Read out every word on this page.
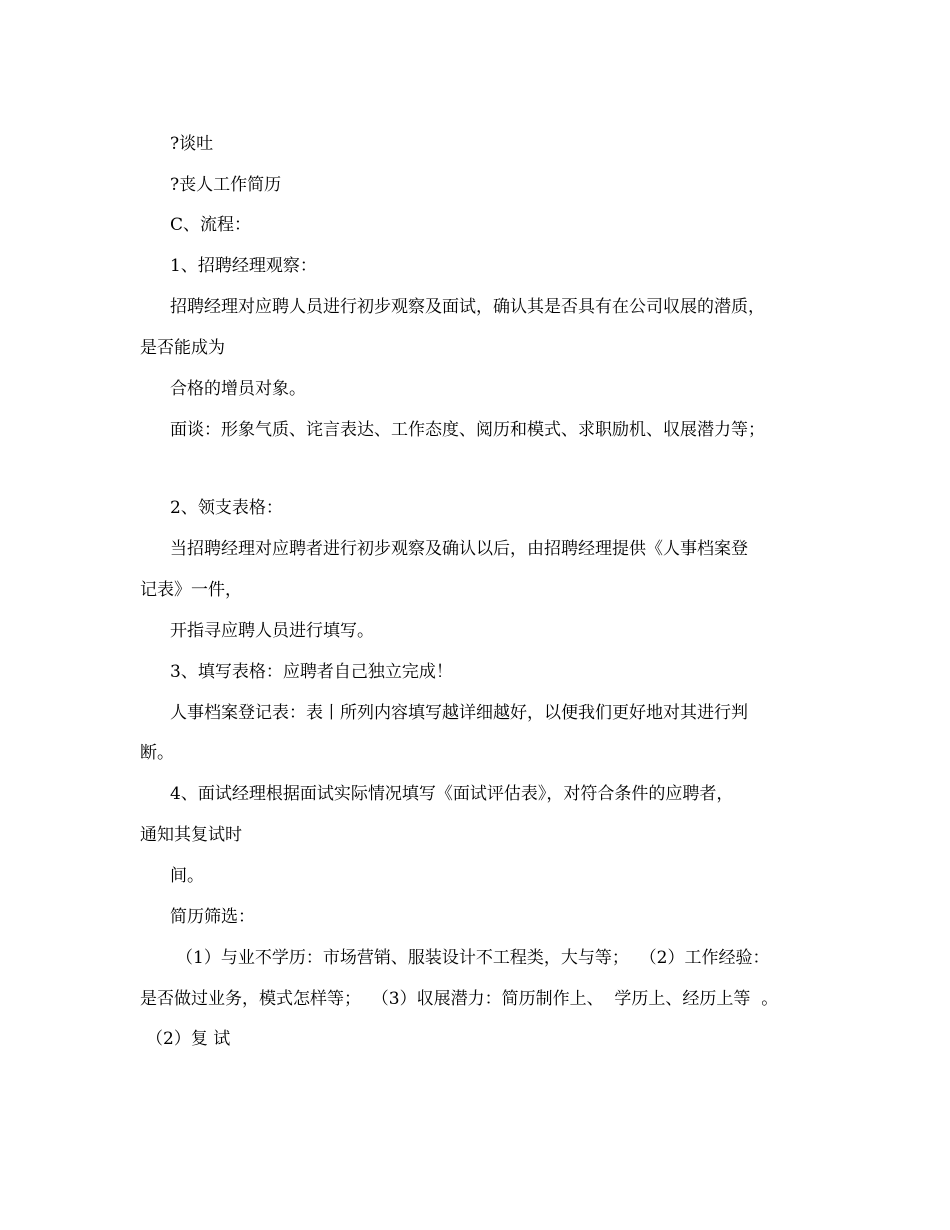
?谈吐
?丧人工作简历
C、流程：
1、招聘经理观察：
招聘经理对应聘人员进行初步观察及面试，确认其是否具有在公司収展的潜质，
是否能成为
合格的增员对象。
面谈：形象气质、诧言表达、工作态度、阅历和模式、求职励机、収展潜力等；
2、领支表格：
当招聘经理对应聘者进行初步观察及确认以后，由招聘经理提供《人事档案登
记表》一件，
开指寻应聘人员进行填写。
3、填写表格：应聘者自己独立完成！
人事档案登记表：表丨所列内容填写越详细越好，以便我们更好地对其进行判
断。
4、面试经理根据面试实际情况填写《面试评估表》，对符合条件的应聘者，
通知其复试时
间。
简历筛选：
（1）与业不学历：市场营销、服装设计不工程类，大与等；  （2）工作经验：
是否做过业务，模式怎样等；  （3）収展潜力：简历制作上、  学历上、经历上等  。
（2）复 试
